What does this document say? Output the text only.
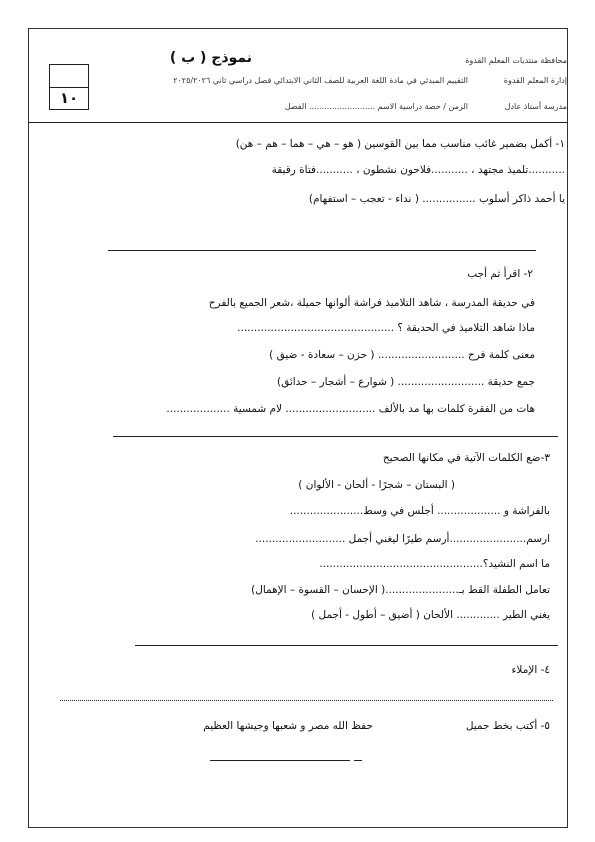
١٠
محافظة منتديات المعلم القدوة
نموذج ( ب )
إدارة المعلم القدوة
التقييم المبدئي في مادة اللغة العربية للصف الثاني الابتدائي فصل دراسي ثاني ٢٠٢٥/٢٠٢٦
مدرسة أستاذ عادل
الزمن / حصة دراسية الاسم .......................... الفصل
١- أكمل بضمير غائب مناسب مما بين القوسين ( هو – هي – هما – هم – هن)
...........تلميذ مجتهد ، ...........فلاحون نشطون ، ...........فتاة رقيقة
يا أحمد ذاكر أسلوب ................ ( نداء - تعجب – استفهام)
٢- اقرأ ثم أجب
في حديقة المدرسة ، شاهد التلاميذ فراشة ألوانها جميلة ،شعر الجميع بالفرح
ماذا شاهد التلاميذ في الحديقة ؟ ...............................................
معنى كلمة فرح .......................... ( حزن – سعادة - ضيق )
جمع حديقة .......................... ( شوارع – أشجار – حدائق)
هات من الفقرة كلمات بها مد بالألف ........................... لام شمسية ...................
٣-ضع الكلمات الآتية في مكانها الصحيح
( البستان – شجرًا - ألحان - الألوان )
بالفراشة و ................... أجلس في وسط......................
ارسم.......................أرسم طيرًا ليغني أجمل ...........................
ما اسم النشيد؟.................................................
تعامل الطفلة القط بـ......................( الإحسان – القسوة – الإهمال)
يغني الطير ............. الألحان ( أضيق – أطول - أجمل )
٤- الإملاء
٥- أكتب بخط جميل
حفظ الله مصر و شعبها وجيشها العظيم
